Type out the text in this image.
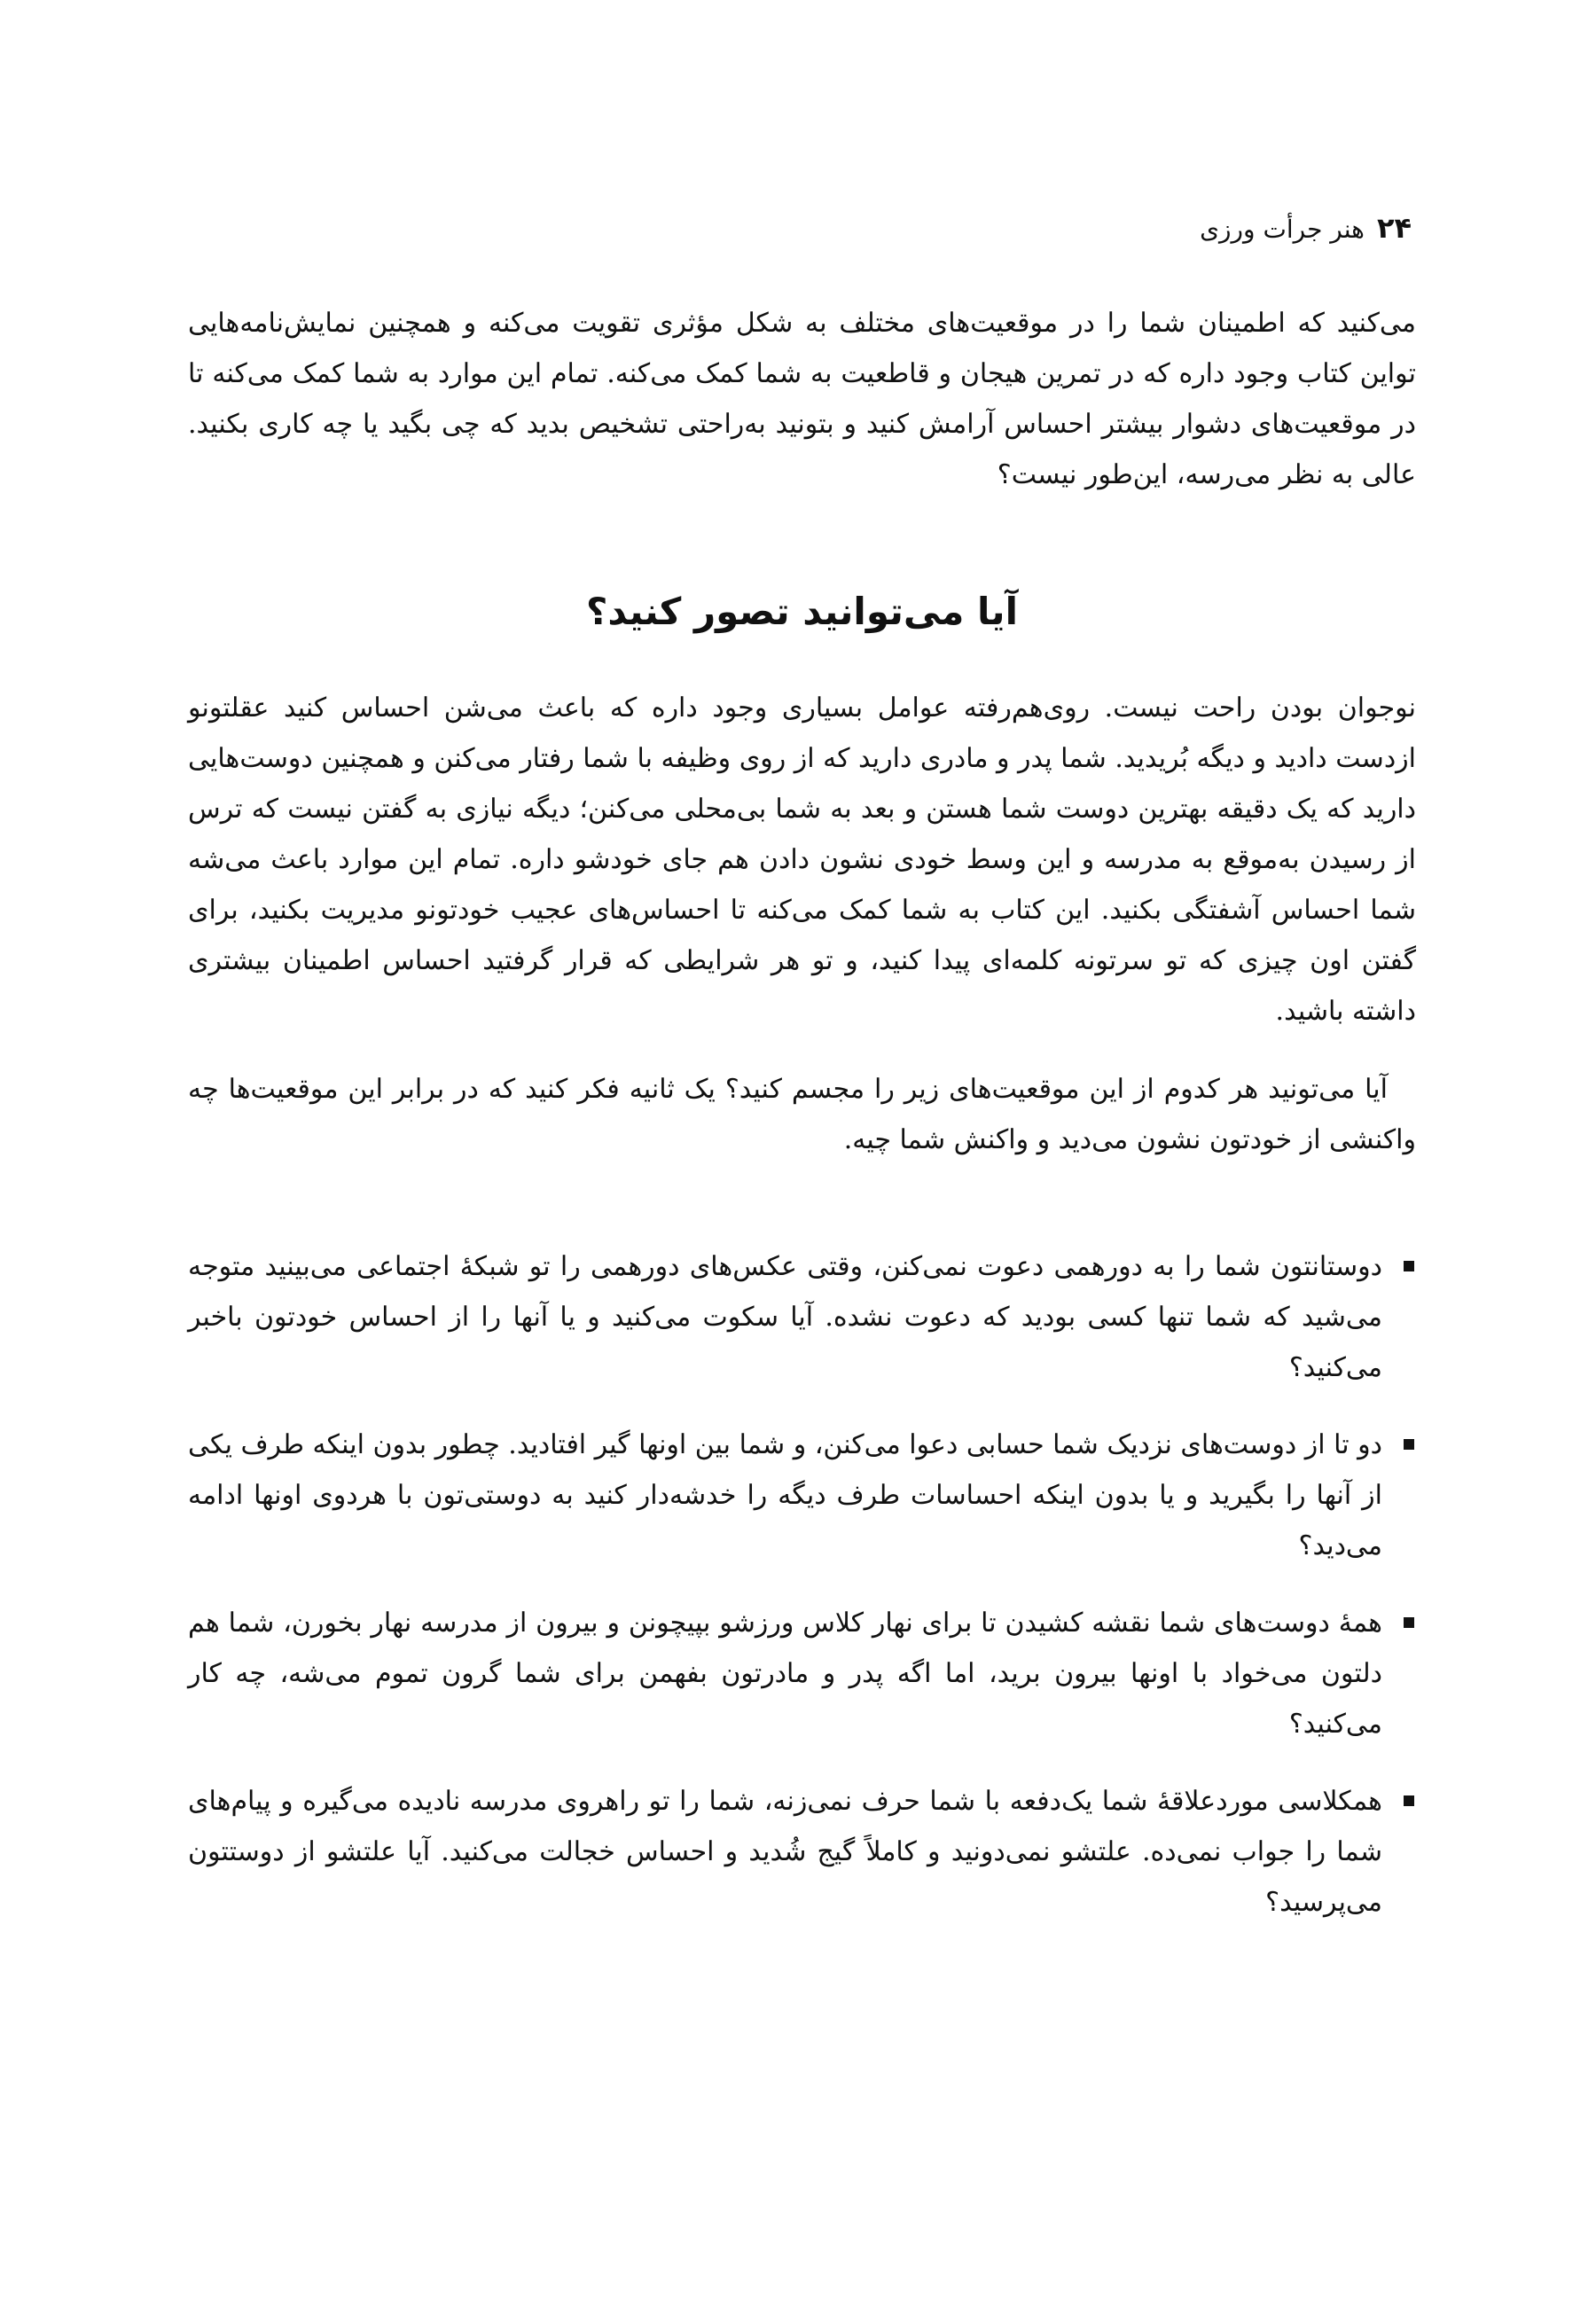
۲۴
هنر جرأت ورزی

می‌کنید که اطمینان شما را در موقعیت‌های مختلف به شکل مؤثری تقویت می‌کنه و همچنین نمایش‌نامه‌هایی تواین کتاب وجود داره که در تمرین هیجان و قاطعیت به شما کمک می‌کنه. تمام این موارد به شما کمک می‌کنه تا در موقعیت‌های دشوار بیشتر احساس آرامش کنید و بتونید به‌راحتی تشخیص بدید که چی بگید یا چه کاری بکنید. عالی به نظر می‌رسه، این‌طور نیست؟

آیا می‌توانید تصور کنید؟

نوجوان بودن راحت نیست. روی‌هم‌رفته عوامل بسیاری وجود داره که باعث می‌شن احساس کنید عقلتونو ازدست دادید و دیگه بُریدید. شما پدر و مادری دارید که از روی وظیفه با شما رفتار می‌کنن و همچنین دوست‌هایی دارید که یک دقیقه بهترین دوست شما هستن و بعد به شما بی‌محلی می‌کنن؛ دیگه نیازی به گفتن نیست که ترس از رسیدن به‌موقع به مدرسه و این وسط خودی نشون دادن هم جای خودشو داره. تمام این موارد باعث می‌شه شما احساس آشفتگی بکنید. این کتاب به شما کمک می‌کنه تا احساس‌های عجیب خودتونو مدیریت بکنید، برای گفتن اون چیزی که تو سرتونه کلمه‌ای پیدا کنید، و تو هر شرایطی که قرار گرفتید احساس اطمینان بیشتری داشته باشید.

آیا می‌تونید هر کدوم از این موقعیت‌های زیر را مجسم کنید؟ یک ثانیه فکر کنید که در برابر این موقعیت‌ها چه واکنشی از خودتون نشون می‌دید و واکنش شما چیه.

دوستانتون شما را به دورهمی دعوت نمی‌کنن، وقتی عکس‌های دورهمی را تو شبکهٔ اجتماعی می‌بینید متوجه می‌شید که شما تنها کسی بودید که دعوت نشده. آیا سکوت می‌کنید و یا آنها را از احساس خودتون باخبر می‌کنید؟
دو تا از دوست‌های نزدیک شما حسابی دعوا می‌کنن، و شما بین اونها گیر افتادید. چطور بدون اینکه طرف یکی از آنها را بگیرید و یا بدون اینکه احساسات طرف دیگه را خدشه‌دار کنید به دوستی‌تون با هردوی اونها ادامه می‌دید؟
همهٔ دوست‌های شما نقشه کشیدن تا برای نهار کلاس ورزشو بپیچونن و بیرون از مدرسه نهار بخورن، شما هم دلتون می‌خواد با اونها بیرون برید، اما اگه پدر و مادرتون بفهمن برای شما گرون تموم می‌شه، چه کار می‌کنید؟
همکلاسی موردعلاقهٔ شما یک‌دفعه با شما حرف نمی‌زنه، شما را تو راهروی مدرسه نادیده می‌گیره و پیام‌های شما را جواب نمی‌ده. علتشو نمی‌دونید و کاملاً گیج شُدید و احساس خجالت می‌کنید. آیا علتشو از دوستتون می‌پرسید؟
